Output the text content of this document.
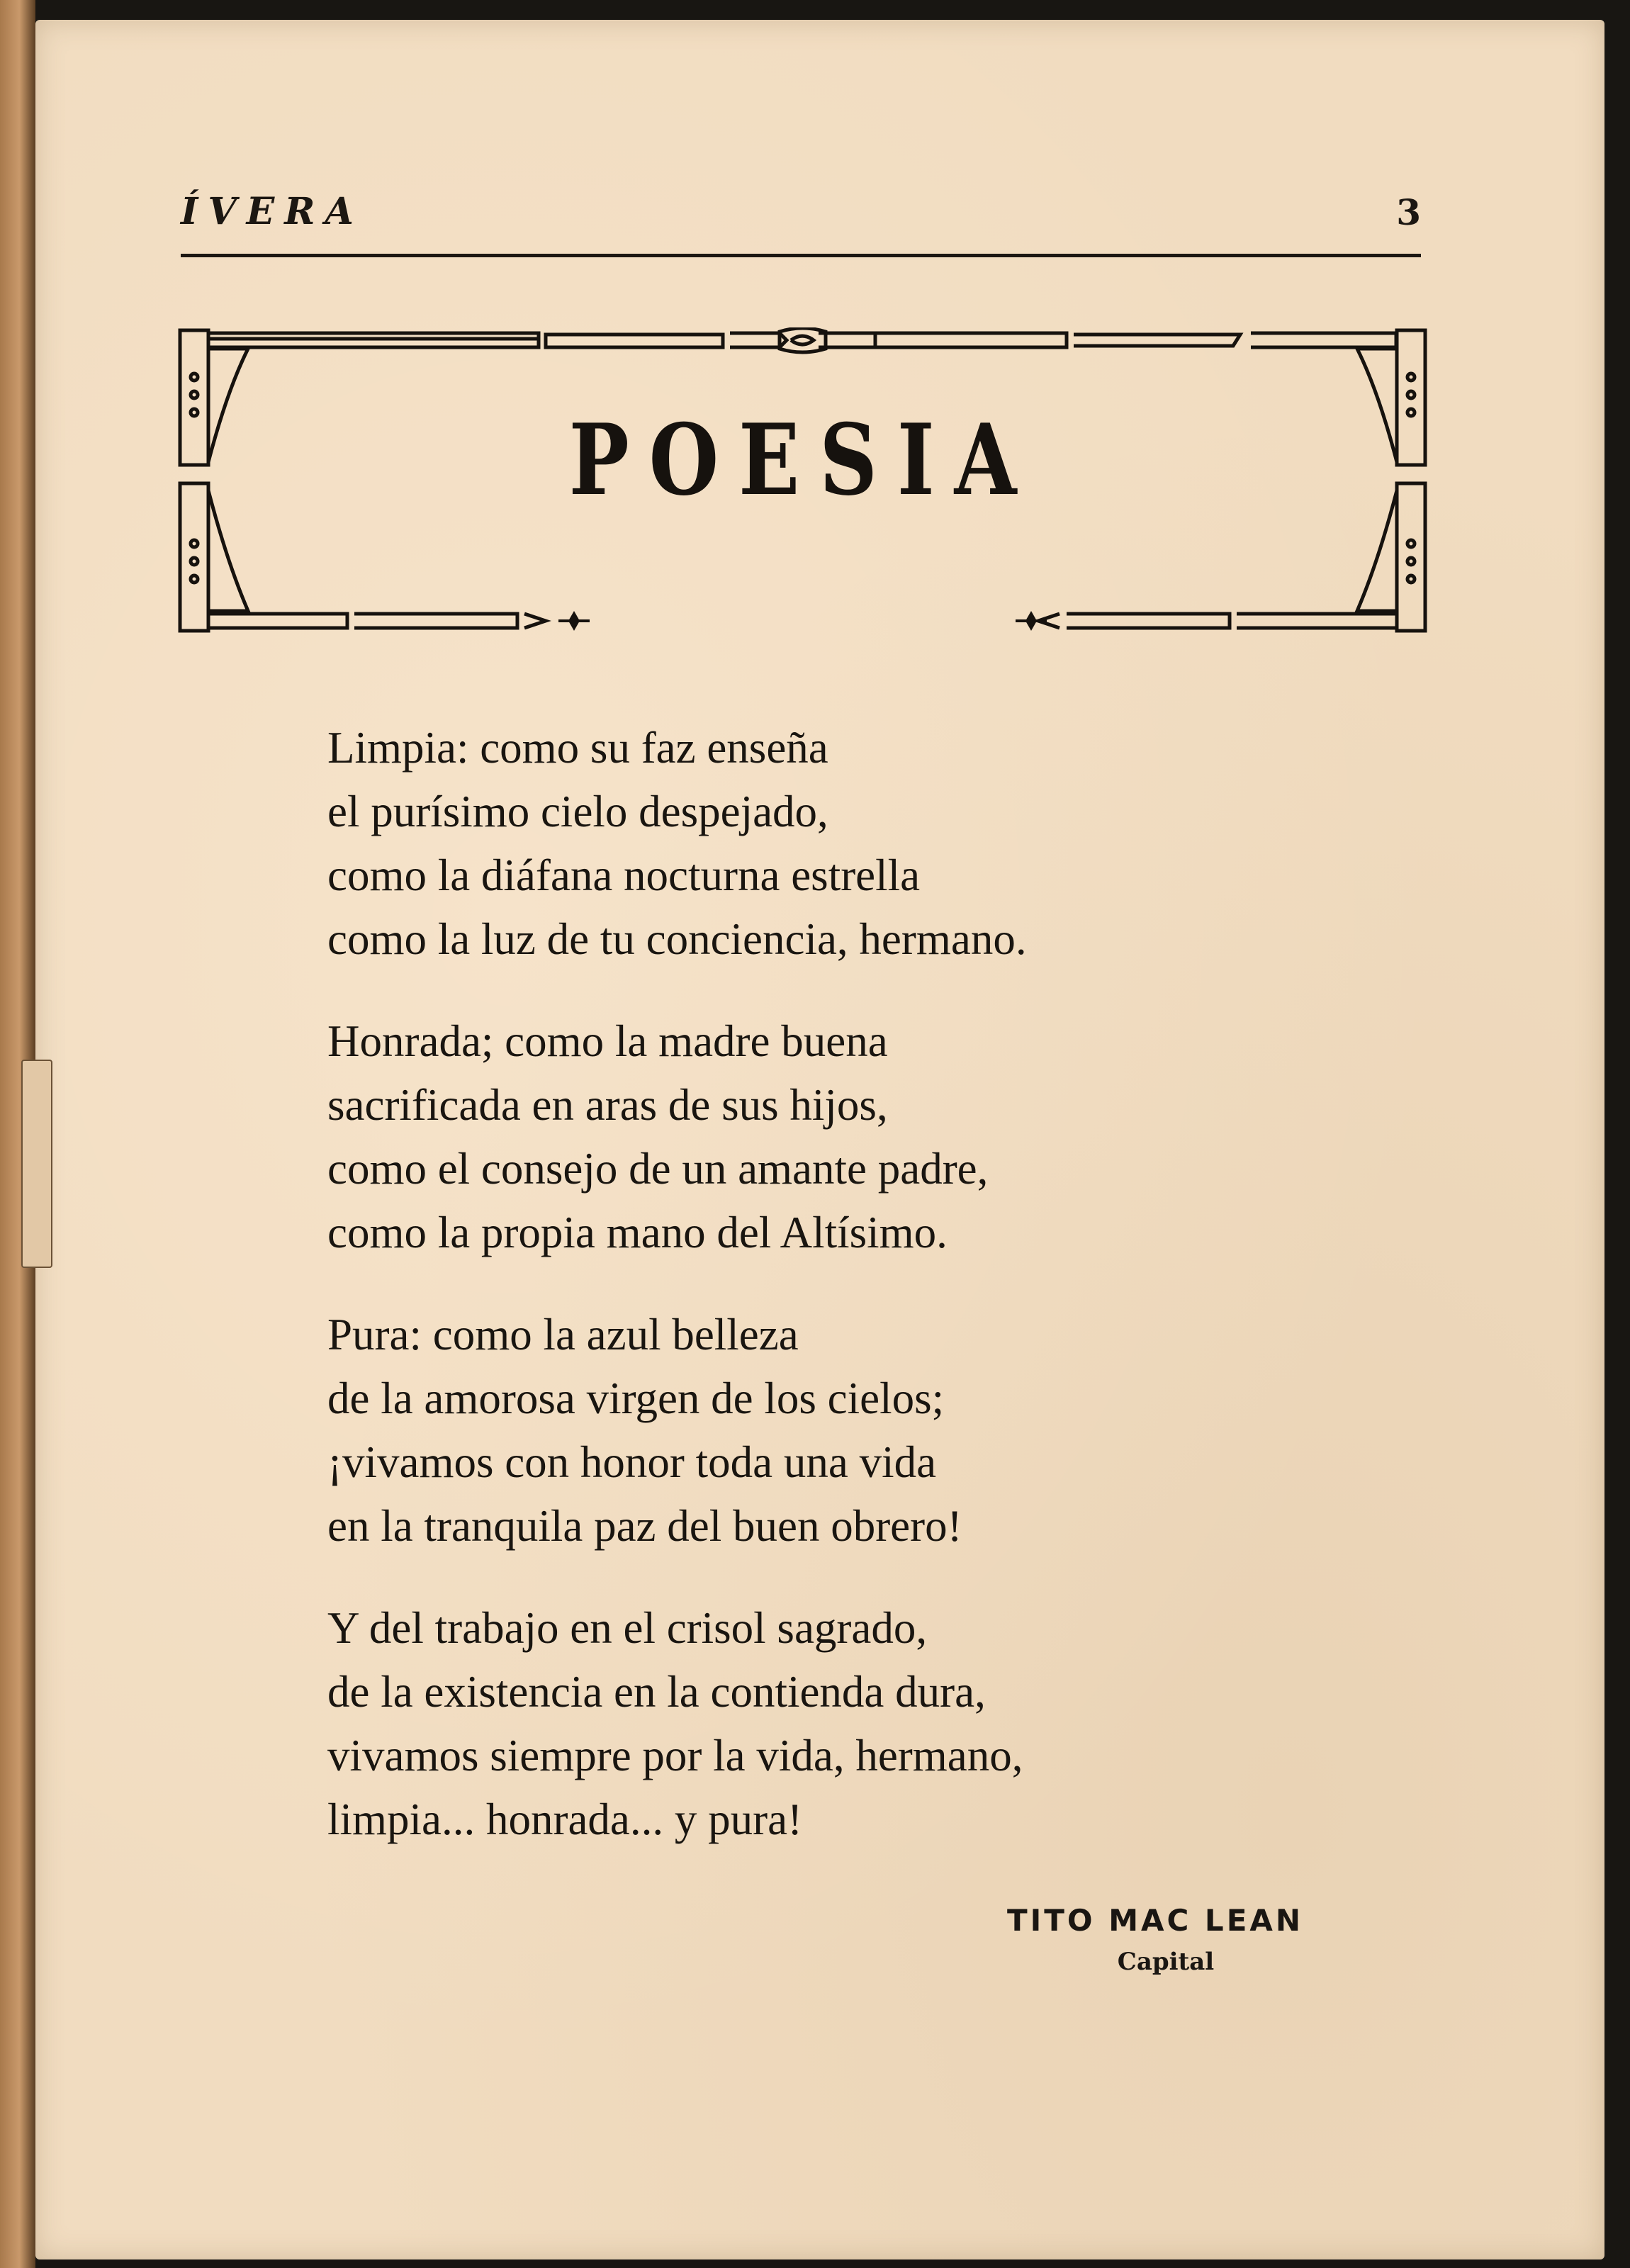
ÍVERA	3
POESIA
Limpia: como su faz enseña
el purísimo cielo despejado,
como la diáfana nocturna estrella
como la luz de tu conciencia, hermano.
Honrada; como la madre buena
sacrificada en aras de sus hijos,
como el consejo de un amante padre,
como la propia mano del Altísimo.
Pura: como la azul belleza
de la amorosa virgen de los cielos;
¡vivamos con honor toda una vida
en la tranquila paz del buen obrero!
Y del trabajo en el crisol sagrado,
de la existencia en la contienda dura,
vivamos siempre por la vida, hermano,
limpia... honrada... y pura!
TITO MAC LEAN
Capital
